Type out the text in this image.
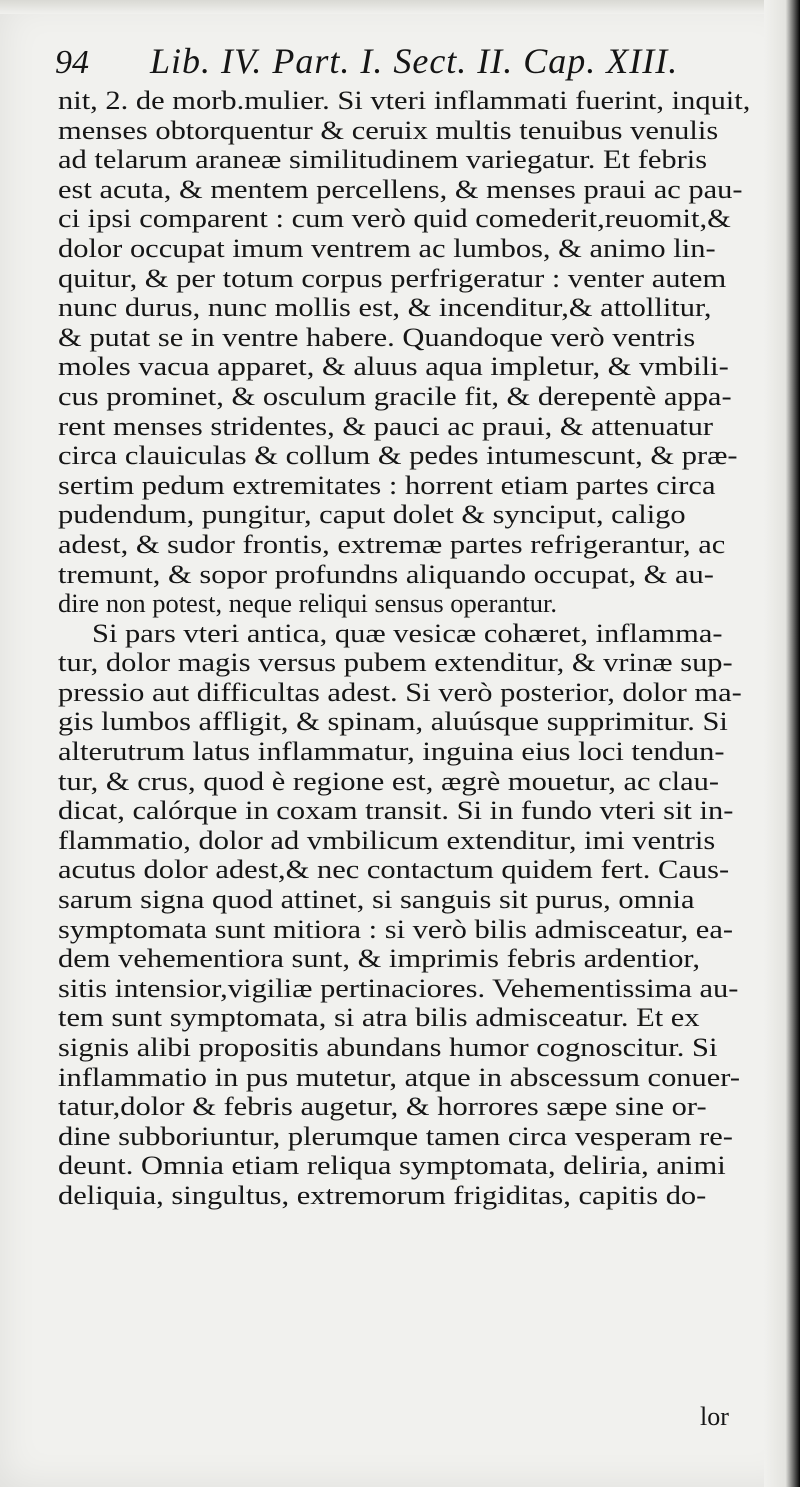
94 Lib. IV. Part. I. Sect. II. Cap. XIII.
nit, 2. de morb.mulier. Si vteri inflammati fuerint, inquit,
menses obtorquentur & ceruix multis tenuibus venulis
ad telarum araneæ similitudinem variegatur. Et febris
est acuta, & mentem percellens, & menses praui ac pau-
ci ipsi comparent : cum verò quid comederit,reuomit,&
dolor occupat imum ventrem ac lumbos, & animo lin-
quitur, & per totum corpus perfrigeratur : venter autem
nunc durus, nunc mollis est, & incenditur,& attollitur,
& putat se in ventre habere. Quandoque verò ventris
moles vacua apparet, & aluus aqua impletur, & vmbili-
cus prominet, & osculum gracile fit, & derepentè appa-
rent menses stridentes, & pauci ac praui, & attenuatur
circa clauiculas & collum & pedes intumescunt, & præ-
sertim pedum extremitates : horrent etiam partes circa
pudendum, pungitur, caput dolet & synciput, caligo
adest, & sudor frontis, extremæ partes refrigerantur, ac
tremunt, & sopor profundns aliquando occupat, & au-
dire non potest, neque reliqui sensus operantur.
Si pars vteri antica, quæ vesicæ cohæret, inflamma-
tur, dolor magis versus pubem extenditur, & vrinæ sup-
pressio aut difficultas adest. Si verò posterior, dolor ma-
gis lumbos affligit, & spinam, aluúsque supprimitur. Si
alterutrum latus inflammatur, inguina eius loci tendun-
tur, & crus, quod è regione est, ægrè mouetur, ac clau-
dicat, calórque in coxam transit. Si in fundo vteri sit in-
flammatio, dolor ad vmbilicum extenditur, imi ventris
acutus dolor adest,& nec contactum quidem fert. Caus-
sarum signa quod attinet, si sanguis sit purus, omnia
symptomata sunt mitiora : si verò bilis admisceatur, ea-
dem vehementiora sunt, & imprimis febris ardentior,
sitis intensior,vigiliæ pertinaciores. Vehementissima au-
tem sunt symptomata, si atra bilis admisceatur. Et ex
signis alibi propositis abundans humor cognoscitur. Si
inflammatio in pus mutetur, atque in abscessum conuer-
tatur,dolor & febris augetur, & horrores sæpe sine or-
dine subboriuntur, plerumque tamen circa vesperam re-
deunt. Omnia etiam reliqua symptomata, deliria, animi
deliquia, singultus, extremorum frigiditas, capitis do-
lor
